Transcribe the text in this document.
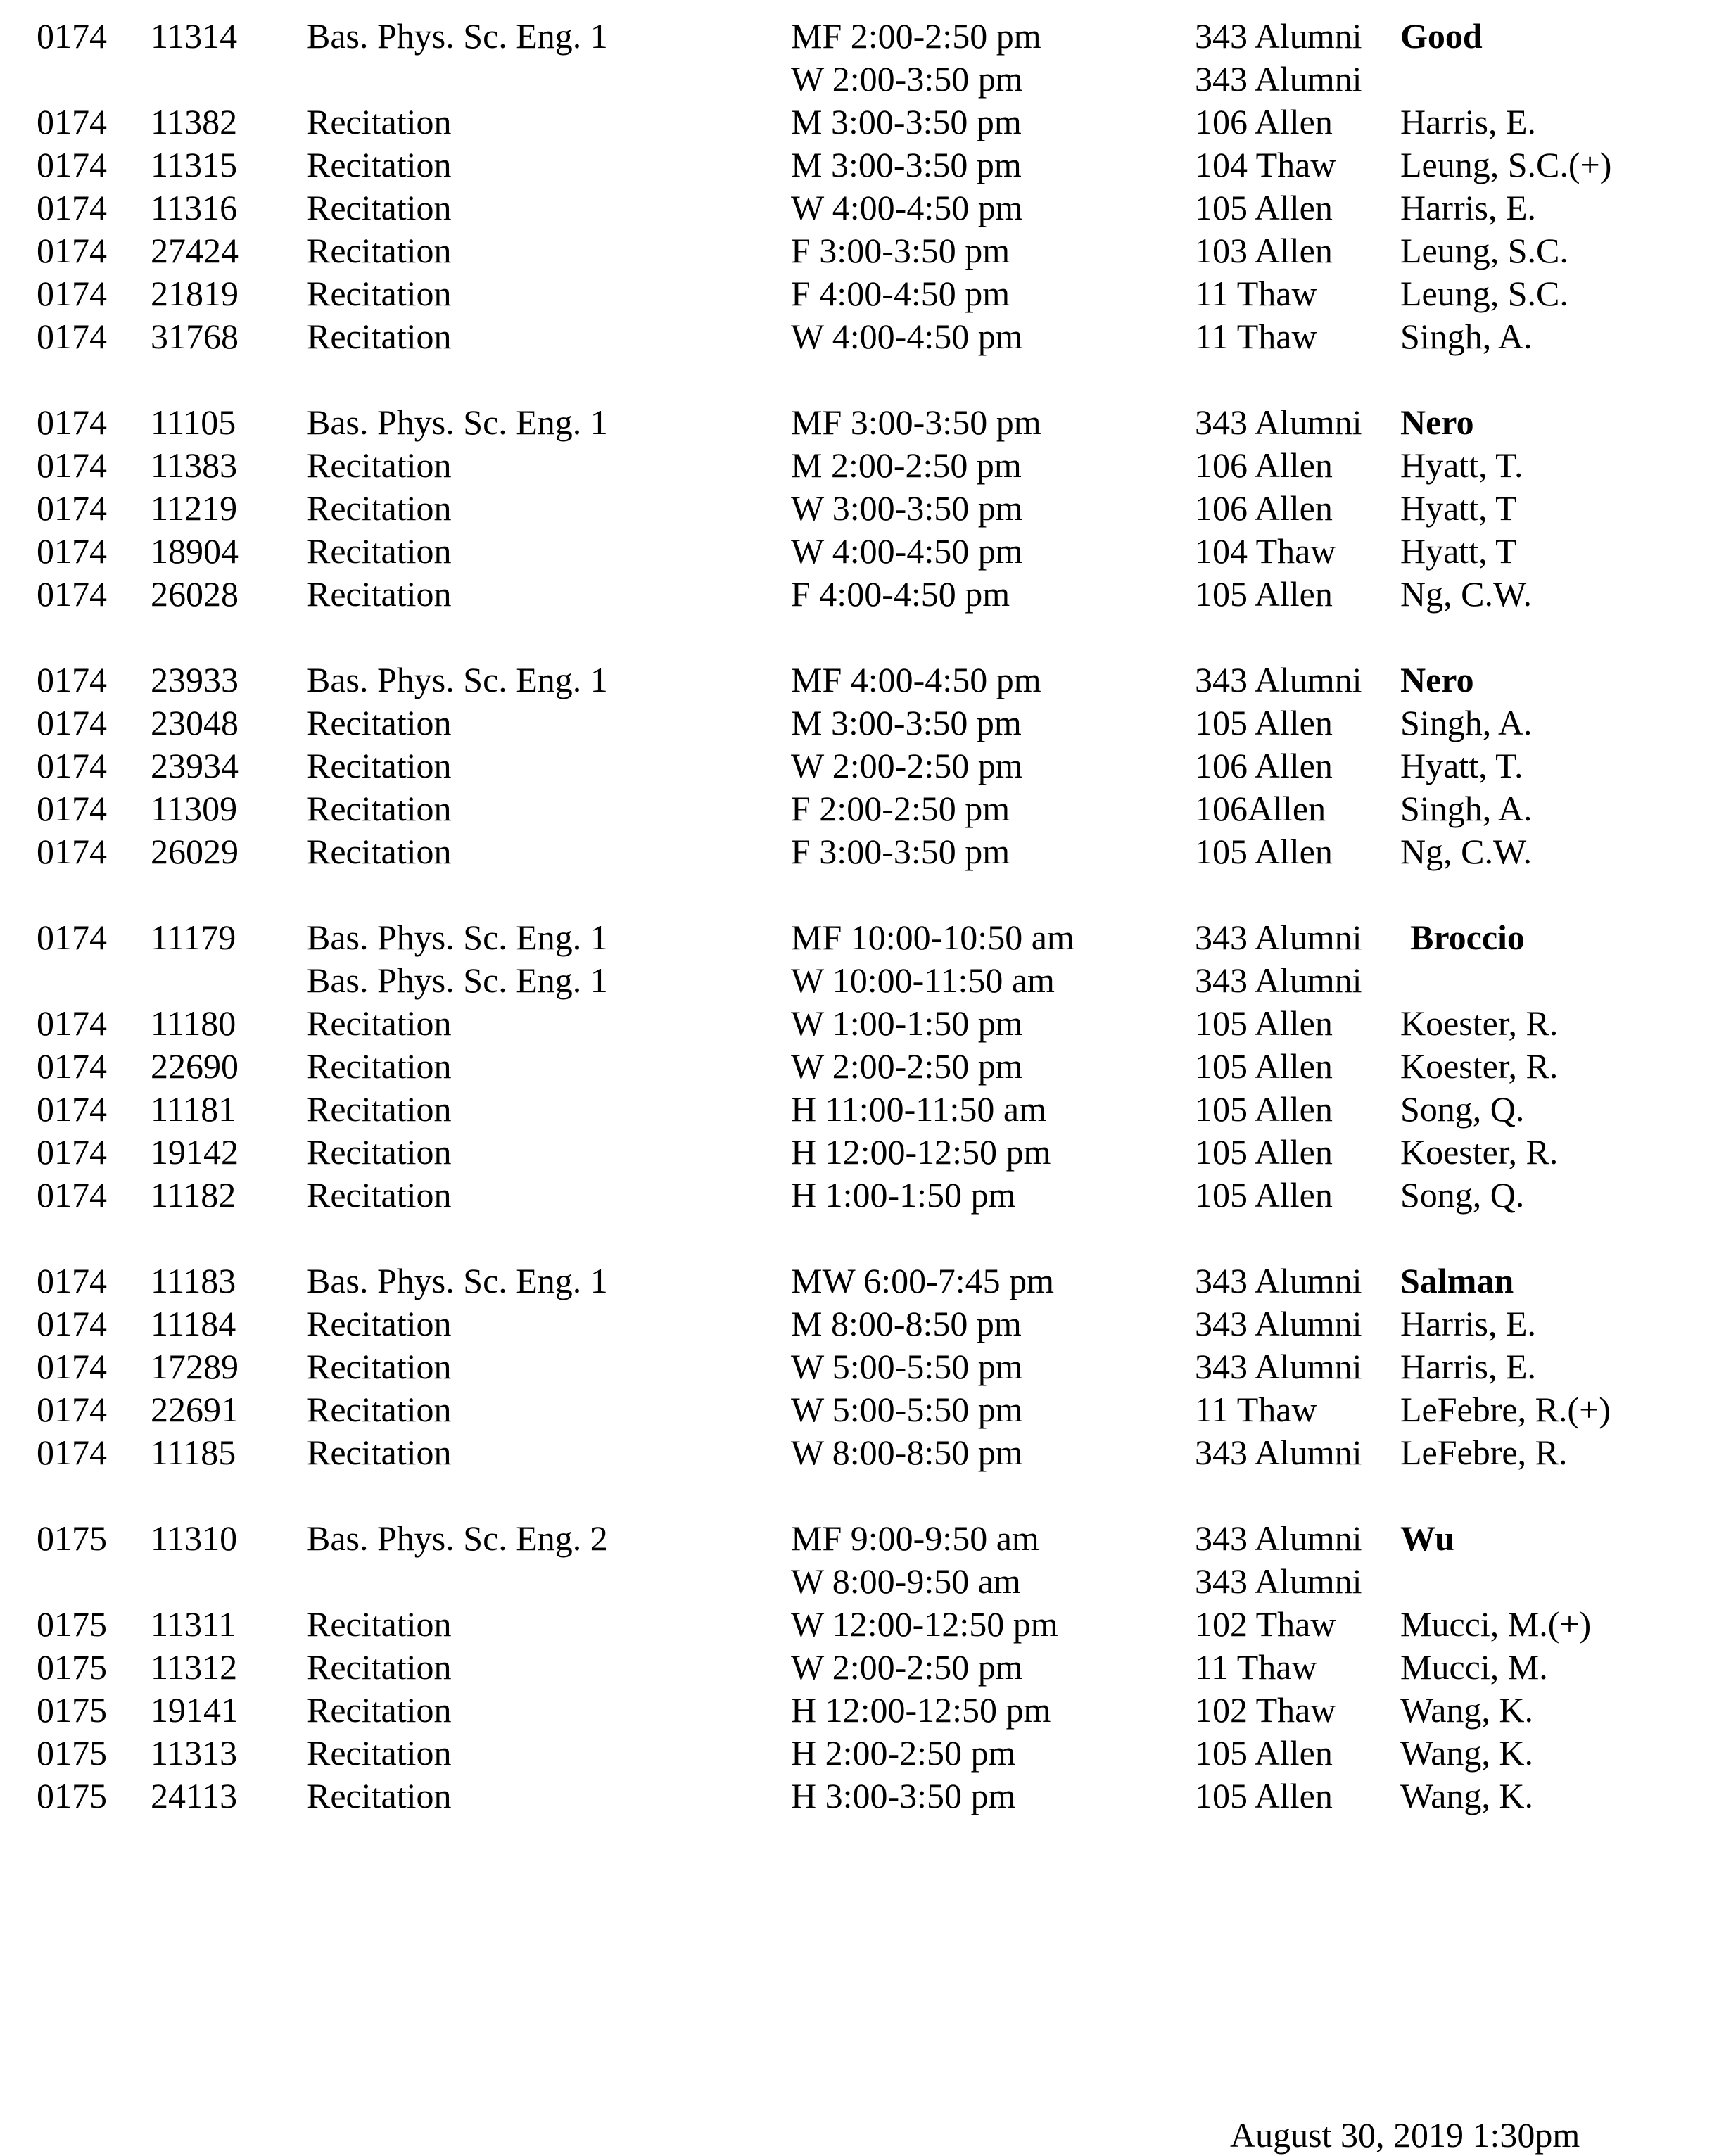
0174 11314 Bas. Phys. Sc. Eng. 1	MF 2:00-2:50 pm	343 Alumni Good
W 2:00-3:50 pm	343 Alumni
0174 11382 Recitation	M 3:00-3:50 pm	106 Allen Harris, E.
0174 11315 Recitation	M 3:00-3:50 pm	104 Thaw Leung, S.C.(+)
0174 11316 Recitation	W 4:00-4:50 pm	105 Allen Harris, E.
0174 27424 Recitation	F 3:00-3:50 pm	103 Allen Leung, S.C.
0174 21819 Recitation	F 4:00-4:50 pm	11 Thaw Leung, S.C.
0174 31768 Recitation	W 4:00-4:50 pm	11 Thaw Singh, A.
0174 11105 Bas. Phys. Sc. Eng. 1	MF 3:00-3:50 pm	343 Alumni Nero
0174 11383 Recitation	M 2:00-2:50 pm	106 Allen Hyatt, T.
0174 11219 Recitation	W 3:00-3:50 pm	106 Allen Hyatt, T
0174 18904 Recitation	W 4:00-4:50 pm	104 Thaw Hyatt, T
0174 26028 Recitation	F 4:00-4:50 pm	105 Allen Ng, C.W.
0174 23933 Bas. Phys. Sc. Eng. 1	MF 4:00-4:50 pm	343 Alumni Nero
0174 23048 Recitation	M 3:00-3:50 pm	105 Allen Singh, A.
0174 23934 Recitation	W 2:00-2:50 pm	106 Allen Hyatt, T.
0174 11309 Recitation	F 2:00-2:50 pm	106Allen Singh, A.
0174 26029 Recitation	F 3:00-3:50 pm	105 Allen Ng, C.W.
0174 11179 Bas. Phys. Sc. Eng. 1	MF 10:00-10:50 am	343 Alumni Broccio
Bas. Phys. Sc. Eng. 1	W 10:00-11:50 am	343 Alumni
0174 11180 Recitation	W 1:00-1:50 pm	105 Allen Koester, R.
0174 22690 Recitation	W 2:00-2:50 pm	105 Allen Koester, R.
0174 11181 Recitation	H 11:00-11:50 am	105 Allen Song, Q.
0174 19142 Recitation	H 12:00-12:50 pm	105 Allen Koester, R.
0174 11182 Recitation	H 1:00-1:50 pm	105 Allen Song, Q.
0174 11183 Bas. Phys. Sc. Eng. 1	MW 6:00-7:45 pm	343 Alumni Salman
0174 11184 Recitation	M 8:00-8:50 pm	343 Alumni Harris, E.
0174 17289 Recitation	W 5:00-5:50 pm	343 Alumni Harris, E.
0174 22691 Recitation	W 5:00-5:50 pm	11 Thaw LeFebre, R.(+)
0174 11185 Recitation	W 8:00-8:50 pm	343 Alumni LeFebre, R.
0175 11310 Bas. Phys. Sc. Eng. 2	MF 9:00-9:50 am	343 Alumni Wu
W 8:00-9:50 am	343 Alumni
0175 11311 Recitation	W 12:00-12:50 pm	102 Thaw Mucci, M.(+)
0175 11312 Recitation	W 2:00-2:50 pm	11 Thaw Mucci, M.
0175 19141 Recitation	H 12:00-12:50 pm	102 Thaw Wang, K.
0175 11313 Recitation	H 2:00-2:50 pm	105 Allen Wang, K.
0175 24113 Recitation	H 3:00-3:50 pm	105 Allen Wang, K.
August 30, 2019 1:30pm
